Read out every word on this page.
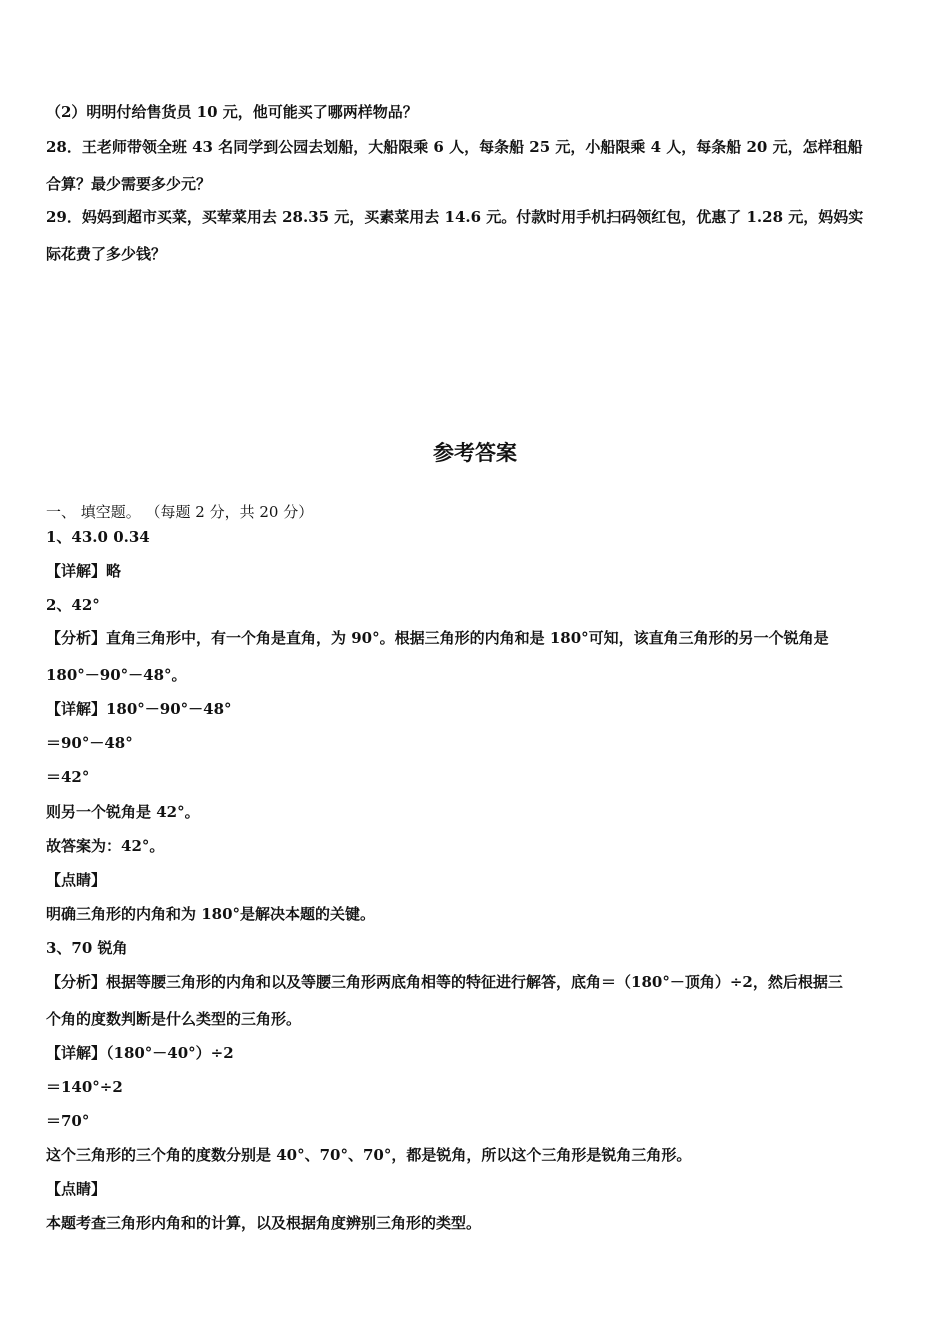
（2）明明付给售货员 10 元，他可能买了哪两样物品？
28．王老师带领全班 43 名同学到公园去划船，大船限乘 6 人，每条船 25 元，小船限乘 4 人，每条船 20 元，怎样租船
合算？最少需要多少元？
29．妈妈到超市买菜，买荤菜用去 28.35 元，买素菜用去 14.6 元。付款时用手机扫码领红包，优惠了 1.28 元，妈妈实
际花费了多少钱？
参考答案
一、 填空题。 （每题 2 分，共 20 分）
1、43.0 0.34
【详解】略
2、42°
【分析】直角三角形中，有一个角是直角，为 90°。根据三角形的内角和是 180°可知，该直角三角形的另一个锐角是
180°－90°－48°。
【详解】180°－90°－48°
＝90°－48°
＝42°
则另一个锐角是 42°。
故答案为：42°。
【点睛】
明确三角形的内角和为 180°是解决本题的关键。
3、70 锐角
【分析】根据等腰三角形的内角和以及等腰三角形两底角相等的特征进行解答，底角＝（180°－顶角）÷2，然后根据三
个角的度数判断是什么类型的三角形。
【详解】（180°－40°）÷2
＝140°÷2
＝70°
这个三角形的三个角的度数分别是 40°、70°、70°，都是锐角，所以这个三角形是锐角三角形。
【点睛】
本题考查三角形内角和的计算，以及根据角度辨别三角形的类型。
